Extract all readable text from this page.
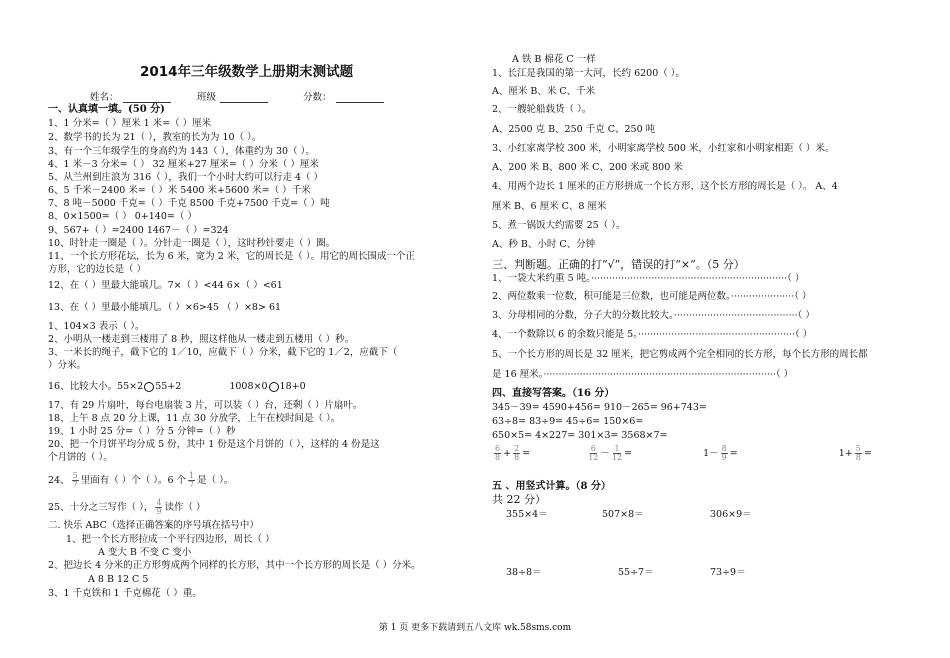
2014年三年级数学上册期末测试题
姓名：	班级	分数：
一、认真填一填。(50 分)
1、1 分米=（ ）厘米 1 米=（ ）厘米
2、数学书的长为 21（ ），教室的长为为 10（ ）。
3、有一个三年级学生的身高约为 143（ ），体重约为 30（ ）。
4、1 米－3 分米=（ ） 32 厘米+27 厘米=（ ）分米（ ）厘米
5、从兰州到庄浪为 316（ ），我们一个小时大约可以行走 4（ ）
6、5 千米－2400 米=（ ）米 5400 米+5600 米=（ ）千米
7、8 吨－5000 千克=（ ）千克 8500 千克+7500 千克=（ ）吨
8、0×1500=（ ） 0+140=（ ）
9、567+（ ）=2400 1467－（ ）=324
10、时针走一圈是（ ）。分针走一圈是（ ），这时秒针要走（ ）圈。
11、一个长方形花坛，长为 6 米，宽为 2 米，它的周长是（ ）。用它的周长围成一个正
方形，它的边长是（ ）
12、在（ ）里最大能填几。7×（ ）<44 6×（ ）<61
13、在（ ）里最小能填几。（ ）×6>45 （ ）×8> 61
1、104×3 表示（ ）。
2、小明从一楼走到三楼用了 8 秒，照这样他从一楼走到五楼用（ ）秒。
3、一米长的绳子，截下它的 1／10，应截下（ ）分米，截下它的 1／2，应截下（
）分米。
16、比较大小。55×2 55+2	1008×0 18+0
17、有 29 片扇叶，每台电扇装 3 片，可以装（ ）台，还剩（ ）片扇叶。
18、上午 8 点 20 分上课，11 点 30 分放学，上午在校时间是（ ）。
19、1 小时 25 分=（ ）分 5 分钟=（ ）秒
20、把一个月饼平均分成 5 份，其中 1 份是这个月饼的（ ），这样的 4 份是这
个月饼的（ ）。
24、 $\frac{5}{7}$ 里面有（ ）个（ ）。6 个 $\frac{1}{7}$ 是（ ）。
25、十分之三写作（ ）， $\frac{4}{9}$ 读作（ ）
二. 快乐 ABC（选择正确答案的序号填在括号中）
1、把一个长方形拉成一个平行四边形，周长（ ）
A 变大 B 不变 C 变小
2、把边长 4 分米的正方形剪成两个同样的长方形，其中一个长方形的周长是（ ）分米。
A 8 B 12 C 5
3、1 千克铁和 1 千克棉花（ ）重。
A 铁 B 棉花 C 一样
1、长江是我国的第一大河，长约 6200（ ）。
A、厘米 B、米 C、千米
2、一艘轮船载货（ ）。
A、2500 克 B、250 千克 C、250 吨
3、小红家离学校 300 米，小明家离学校 500 米，小红家和小明家相距（ ）米。
A、200 米 B、800 米 C、200 米或 800 米
4、用两个边长 1 厘米的正方形拼成一个长方形，这个长方形的周长是（ ）。 A、4
厘米 B、6 厘米 C、8 厘米
5、煮一锅饭大约需要 25（ ）。
A、秒 B、小时 C、分钟
三、判断题。正确的打“√”，错误的打“×”。（5 分）
1、一袋大米约重 5 吨。·································································（ ）
2、两位数乘一位数，积可能是三位数，也可能是两位数。·····················（ ）
3、分母相同的分数，分子大的分数比较大。·········································（ ）
4、一个数除以 6 的余数只能是 5。····················································（ ）
5、一个长方形的周长是 32 厘米，把它剪成两个完全相同的长方形，每个长方形的周长都
是 16 厘米。·············································································（ ）
四、直接写答案。（16 分）
345－39= 4590+456= 910－265= 96+743=
63÷8= 83÷9= 45÷6= 150×6=
650×5= 4×227= 301×3= 3568×7=
$\frac{6}{8} + \frac{2}{8}$ =	$\frac{6}{12} - \frac{1}{12}$ =	$1- \frac{8}{9}$ =	$1+ \frac{5}{8}$ =
五 、用竖式计算。（8 分）
共 22 分）
355×4＝	507×8＝	306×9＝
38÷8＝	55÷7＝	73÷9＝
第 1 页 更多下载请到五八文库 wk.58sms.com
